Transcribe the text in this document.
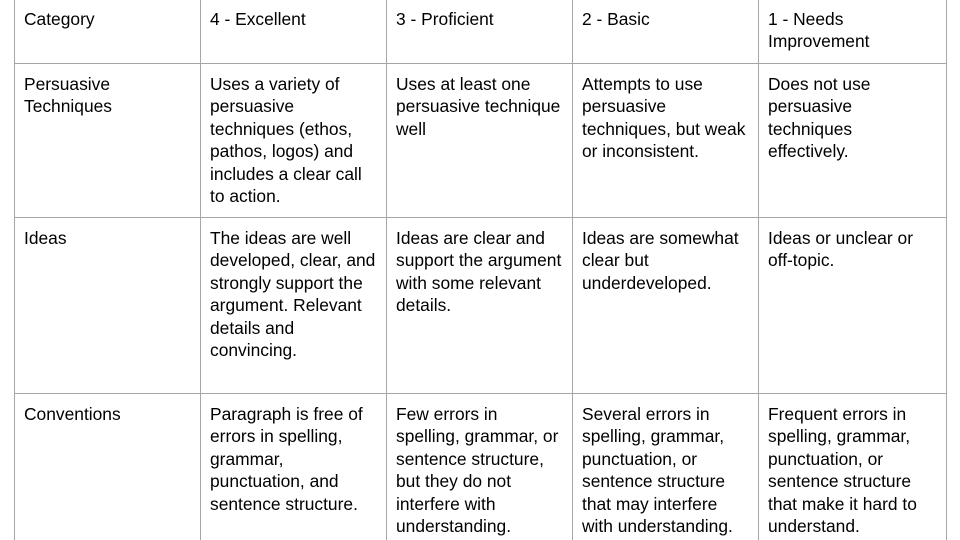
Category	4 - Excellent	3 - Proficient	2 - Basic	1 - Needs Improvement
Persuasive Techniques	Uses a variety of persuasive techniques (ethos, pathos, logos) and includes a clear call to action.	Uses at least one persuasive technique well	Attempts to use persuasive techniques, but weak or inconsistent.	Does not use persuasive techniques effectively.
Ideas	The ideas are well developed, clear, and strongly support the argument. Relevant details and convincing.	Ideas are clear and support the argument with some relevant details.	Ideas are somewhat clear but underdeveloped.	Ideas or unclear or off-topic.
Conventions	Paragraph is free of errors in spelling, grammar, punctuation, and sentence structure.	Few errors in spelling, grammar, or sentence structure, but they do not interfere with understanding.	Several errors in spelling, grammar, punctuation, or sentence structure that may interfere with understanding.	Frequent errors in spelling, grammar, punctuation, or sentence structure that make it hard to understand.
